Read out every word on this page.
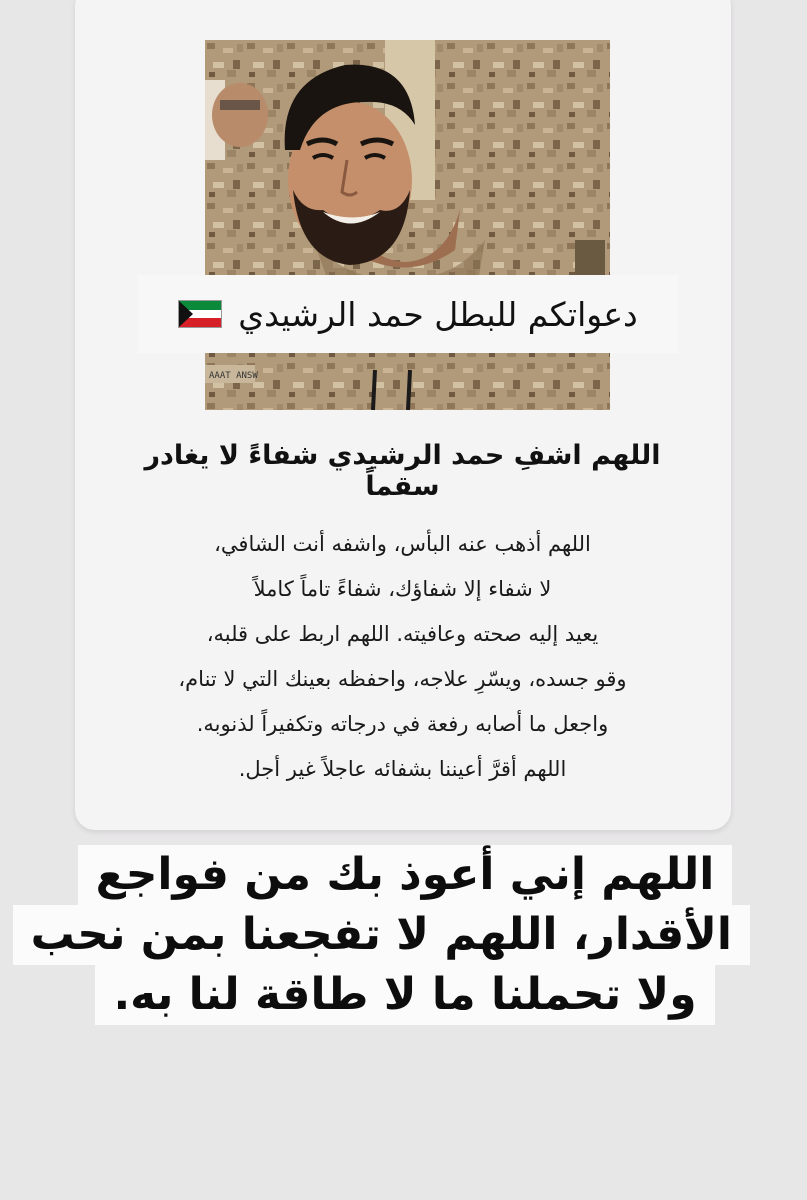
AAAT ANSW
دعواتكم للبطل حمد الرشيدي
اللهم اشفِ حمد الرشيدي شفاءً لا يغادر سقماً
اللهم أذهب عنه البأس، واشفه أنت الشافي،
لا شفاء إلا شفاؤك، شفاءً تاماً كاملاً
يعيد إليه صحته وعافيته. اللهم اربط على قلبه،
وقو جسده، ويسّرِ علاجه، واحفظه بعينك التي لا تنام،
واجعل ما أصابه رفعة في درجاته وتكفيراً لذنوبه.
اللهم أقرَّ أعيننا بشفائه عاجلاً غير أجل.
اللهم إني أعوذ بك من فواجع
الأقدار، اللهم لا تفجعنا بمن نحب
ولا تحملنا ما لا طاقة لنا به.
